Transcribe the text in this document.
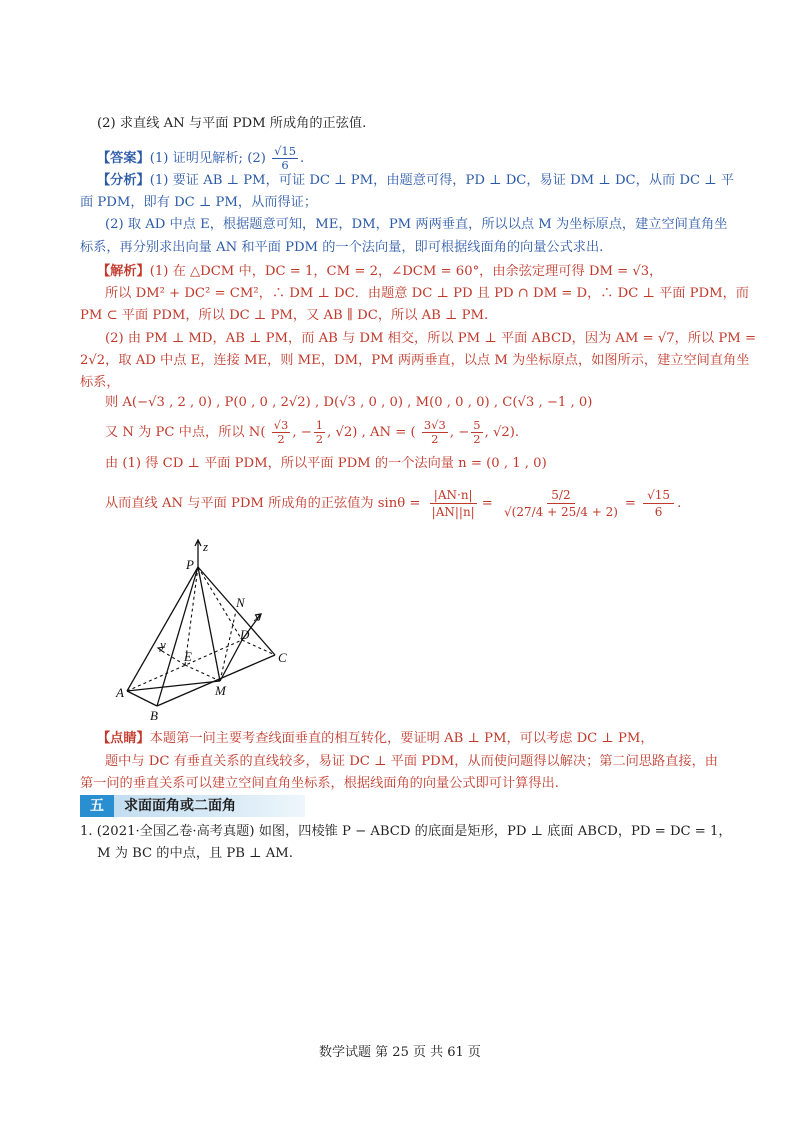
(2) 求直线 AN 与平面 PDM 所成角的正弦值.
【答案】(1) 证明见解析; $(2) \frac{√15}{6}$ .
【分析】(1) 要证 AB ⊥ PM，可证 DC ⊥ PM，由题意可得，PD ⊥ DC，易证 DM ⊥ DC，从而 DC ⊥ 平
面 PDM，即有 DC ⊥ PM，从而得证；
(2) 取 AD 中点 E，根据题意可知，ME，DM，PM 两两垂直，所以以点 M 为坐标原点，建立空间直角坐
标系，再分别求出向量 AN 和平面 PDM 的一个法向量，即可根据线面角的向量公式求出.
【解析】(1) 在 △DCM 中，DC = 1，CM = 2，∠DCM = 60°，由余弦定理可得 DM = √3，
所以 DM² + DC² = CM²，∴ DM ⊥ DC．由题意 DC ⊥ PD 且 PD ∩ DM = D，∴ DC ⊥ 平面 PDM，而
PM ⊂ 平面 PDM，所以 DC ⊥ PM，又 AB ∥ DC，所以 AB ⊥ PM.
(2) 由 PM ⊥ MD，AB ⊥ PM，而 AB 与 DM 相交，所以 PM ⊥ 平面 ABCD，因为 AM = √7，所以 PM =
2√2，取 AD 中点 E，连接 ME，则 ME，DM，PM 两两垂直，以点 M 为坐标原点，如图所示，建立空间直角坐
标系，
则 A(−√3 , 2 , 0) , P(0 , 0 , 2√2) , D(√3 , 0 , 0) , M(0 , 0 , 0) , C(√3 , −1 , 0)
又 N 为 PC 中点，所以 $N( \frac{√3}{2}$ , − $\frac{1}{2}$ , √2) , AN = ( $\frac{3√3}{2}$ , − $\frac{5}{2}$ , √2).
由 (1) 得 CD ⊥ 平面 PDM，所以平面 PDM 的一个法向量 n = (0 , 1 , 0)
从而直线 AN 与平面 PDM 所成角的正弦值为 $\sin\theta = \frac{|AN\cdot n|}{|AN||n|} = \frac{5/2}{√(27/4 + 25/4 + 2)} = \frac{√15}{6}$ .
z
P
N
x
y
D
E	C
A	M
B
【点睛】本题第一问主要考查线面垂直的相互转化，要证明 AB ⊥ PM，可以考虑 DC ⊥ PM，
题中与 DC 有垂直关系的直线较多，易证 DC ⊥ 平面 PDM，从而使问题得以解决；第二问思路直接，由
第一问的垂直关系可以建立空间直角坐标系，根据线面角的向量公式即可计算得出.
五	求面面角或二面角
1. (2021·全国乙卷·高考真题) 如图，四棱锥 P − ABCD 的底面是矩形，PD ⊥ 底面 ABCD，PD = DC = 1，
M 为 BC 的中点，且 PB ⊥ AM.
数学试题 第 25 页 共 61 页
